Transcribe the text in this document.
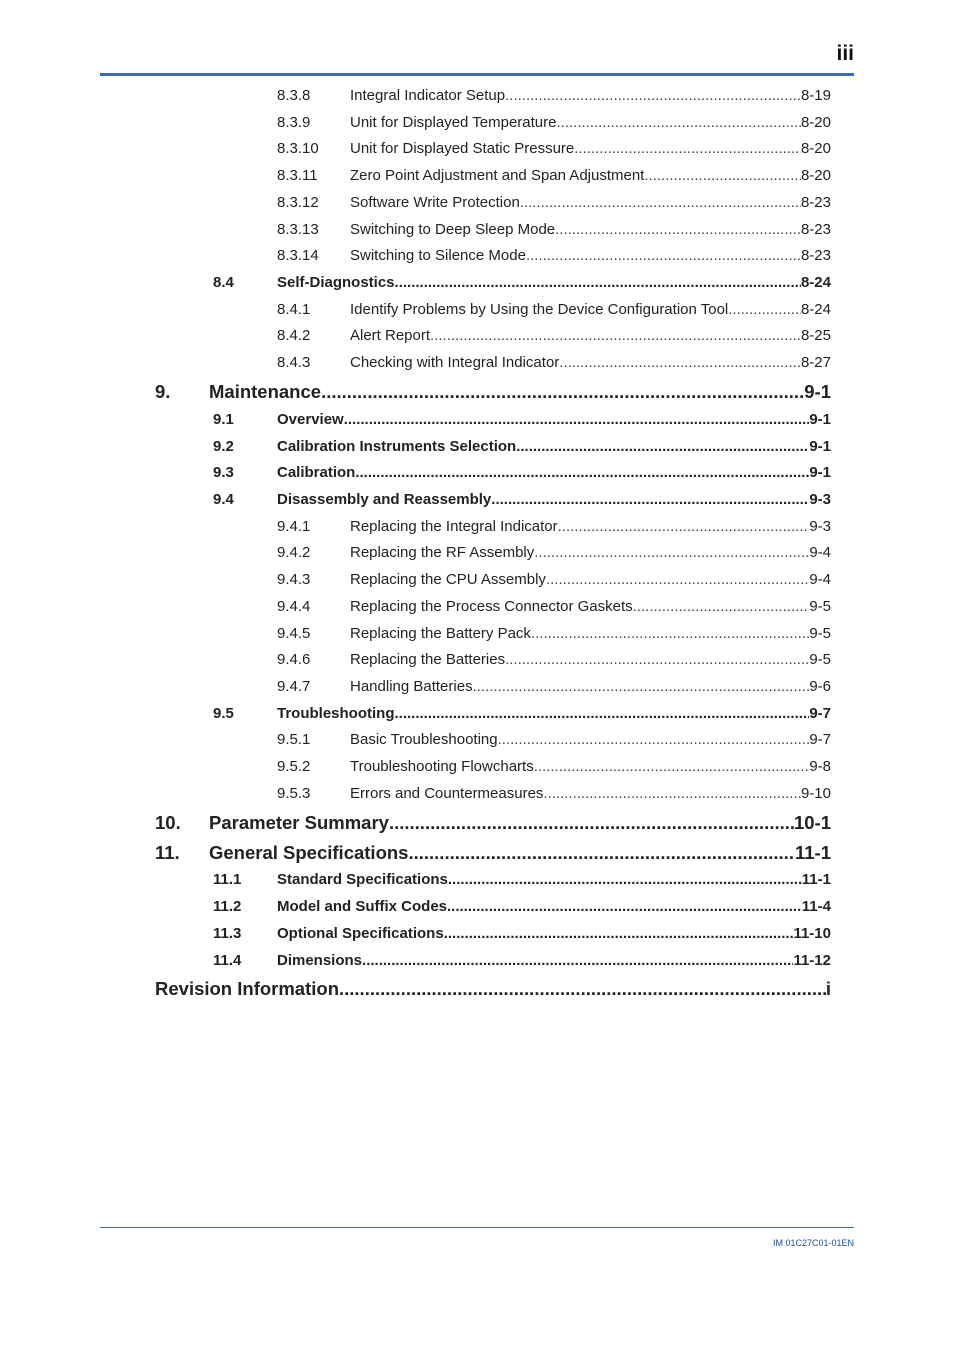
iii
8.3.8	Integral Indicator Setup .....	8-19
8.3.9	Unit for Displayed Temperature .....	8-20
8.3.10 Unit for Displayed Static Pressure .....	8-20
8.3.11 Zero Point Adjustment and Span Adjustment .....	8-20
8.3.12 Software Write Protection .....	8-23
8.3.13 Switching to Deep Sleep Mode .....	8-23
8.3.14 Switching to Silence Mode .....	8-23
8.4	Self-Diagnostics .....	8-24
8.4.1	Identify Problems by Using the Device Configuration Tool .....	8-24
8.4.2	Alert Report .....	8-25
8.4.3	Checking with Integral Indicator .....	8-27
9. Maintenance .....	9-1
9.1	Overview .....	9-1
9.2	Calibration Instruments Selection .....	9-1
9.3	Calibration .....	9-1
9.4	Disassembly and Reassembly .....	9-3
9.4.1	Replacing the Integral Indicator .....	9-3
9.4.2	Replacing the RF Assembly .....	9-4
9.4.3	Replacing the CPU Assembly .....	9-4
9.4.4	Replacing the Process Connector Gaskets .....	9-5
9.4.5	Replacing the Battery Pack .....	9-5
9.4.6	Replacing the Batteries .....	9-5
9.4.7	Handling Batteries .....	9-6
9.5	Troubleshooting .....	9-7
9.5.1	Basic Troubleshooting .....	9-7
9.5.2	Troubleshooting Flowcharts .....	9-8
9.5.3	Errors and Countermeasures .....	9-10
10. Parameter Summary .....	10-1
11. General Specifications .....	11-1
11.1 Standard Specifications .....	11-1
11.2 Model and Suffix Codes .....	11-4
11.3 Optional Specifications .....	11-10
11.4 Dimensions .....	11-12
Revision Information .....	i
IM 01C27C01-01EN
